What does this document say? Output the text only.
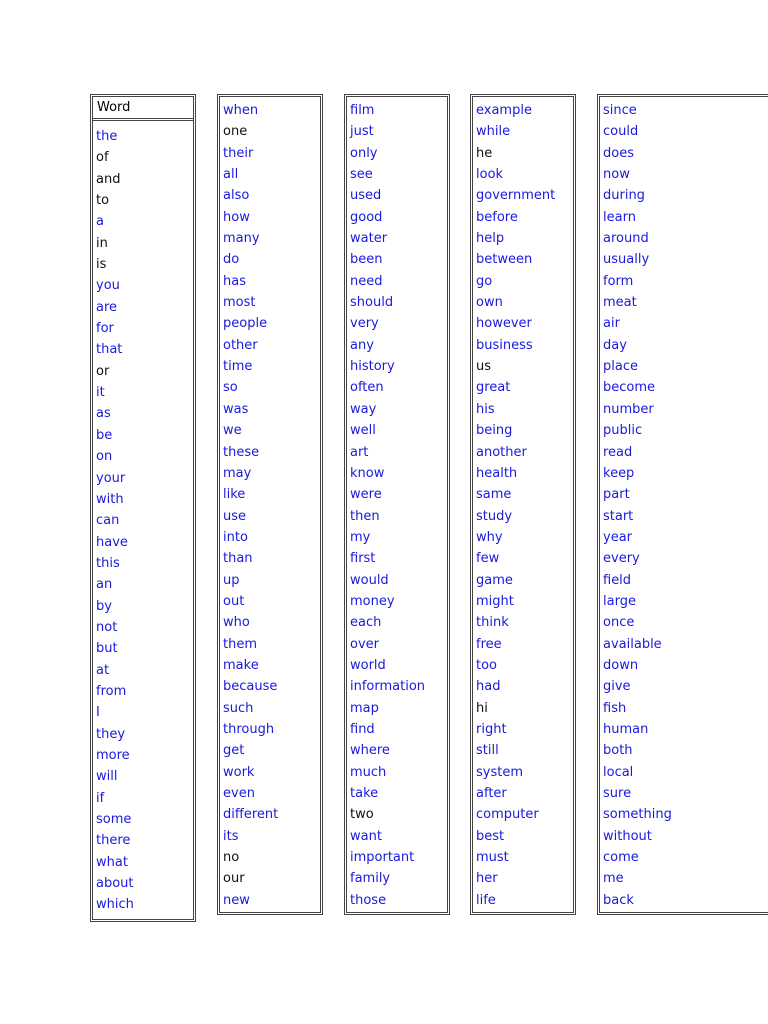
Word
the
of
and
to
a
in
is
you
are
for
that
or
it
as
be
on
your
with
can
have
this
an
by
not
but
at
from
I
they
more
will
if
some
there
what
about
which
when
one
their
all
also
how
many
do
has
most
people
other
time
so
was
we
these
may
like
use
into
than
up
out
who
them
make
because
such
through
get
work
even
different
its
no
our
new
film
just
only
see
used
good
water
been
need
should
very
any
history
often
way
well
art
know
were
then
my
first
would
money
each
over
world
information
map
find
where
much
take
two
want
important
family
those
example
while
he
look
government
before
help
between
go
own
however
business
us
great
his
being
another
health
same
study
why
few
game
might
think
free
too
had
hi
right
still
system
after
computer
best
must
her
life
since
could
does
now
during
learn
around
usually
form
meat
air
day
place
become
number
public
read
keep
part
start
year
every
field
large
once
available
down
give
fish
human
both
local
sure
something
without
come
me
back
